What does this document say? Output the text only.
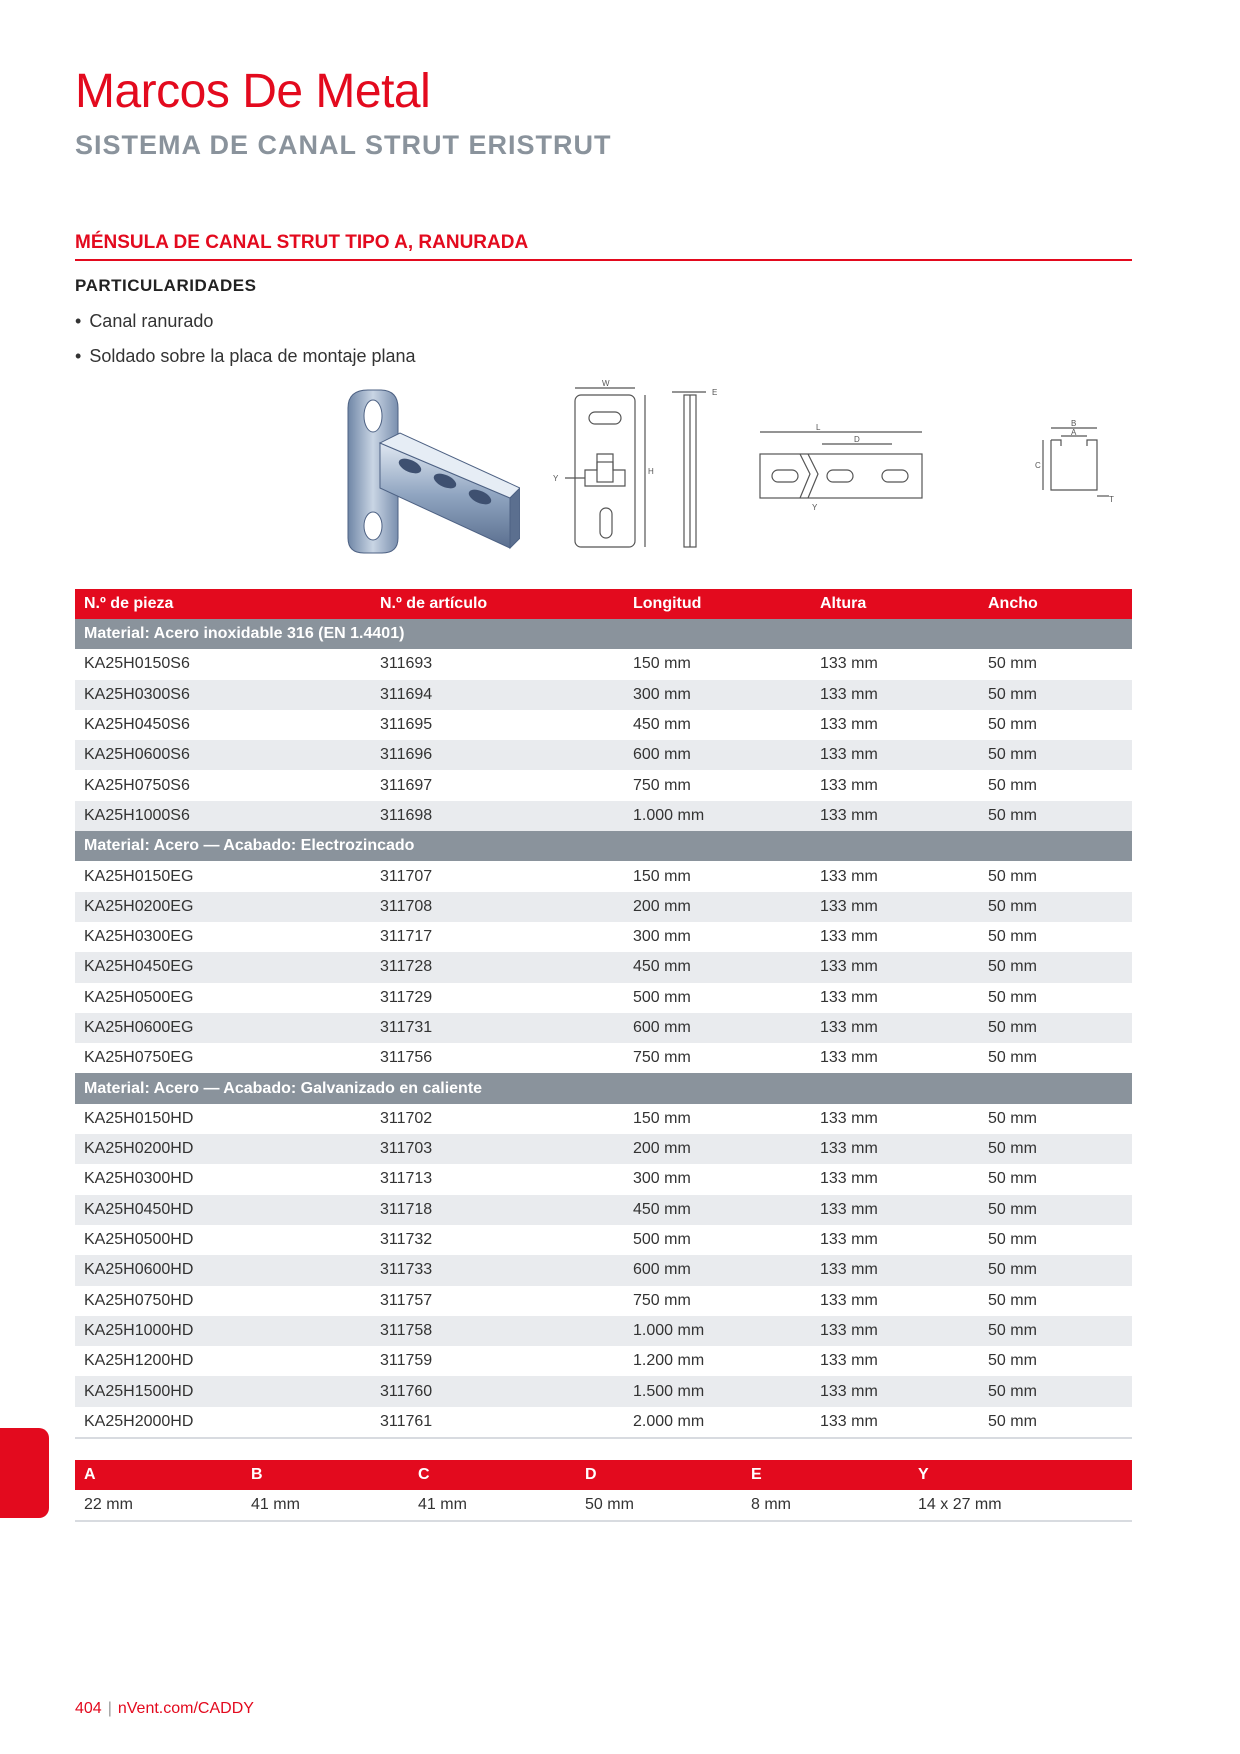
Marcos De Metal
SISTEMA DE CANAL STRUT ERISTRUT
MÉNSULA DE CANAL STRUT TIPO A, RANURADA
PARTICULARIDADES
• Canal ranurado
• Soldado sobre la placa de montaje plana
W
H
Y
E
L
D
Y
B
A
C
T
N.º de pieza	N.º de artículo	Longitud	Altura	Ancho
Material: Acero inoxidable 316 (EN 1.4401)				
KA25H0150S6	311693	150 mm	133 mm	50 mm
KA25H0300S6	311694	300 mm	133 mm	50 mm
KA25H0450S6	311695	450 mm	133 mm	50 mm
KA25H0600S6	311696	600 mm	133 mm	50 mm
KA25H0750S6	311697	750 mm	133 mm	50 mm
KA25H1000S6	311698	1.000 mm	133 mm	50 mm
Material: Acero — Acabado: Electrozincado				
KA25H0150EG	311707	150 mm	133 mm	50 mm
KA25H0200EG	311708	200 mm	133 mm	50 mm
KA25H0300EG	311717	300 mm	133 mm	50 mm
KA25H0450EG	311728	450 mm	133 mm	50 mm
KA25H0500EG	311729	500 mm	133 mm	50 mm
KA25H0600EG	311731	600 mm	133 mm	50 mm
KA25H0750EG	311756	750 mm	133 mm	50 mm
Material: Acero — Acabado: Galvanizado en caliente				
KA25H0150HD	311702	150 mm	133 mm	50 mm
KA25H0200HD	311703	200 mm	133 mm	50 mm
KA25H0300HD	311713	300 mm	133 mm	50 mm
KA25H0450HD	311718	450 mm	133 mm	50 mm
KA25H0500HD	311732	500 mm	133 mm	50 mm
KA25H0600HD	311733	600 mm	133 mm	50 mm
KA25H0750HD	311757	750 mm	133 mm	50 mm
KA25H1000HD	311758	1.000 mm	133 mm	50 mm
KA25H1200HD	311759	1.200 mm	133 mm	50 mm
KA25H1500HD	311760	1.500 mm	133 mm	50 mm
KA25H2000HD	311761	2.000 mm	133 mm	50 mm
A	B	C	D	E	Y
22 mm	41 mm	41 mm	50 mm	8 mm	14 x 27 mm
404 | nVent.com/CADDY
